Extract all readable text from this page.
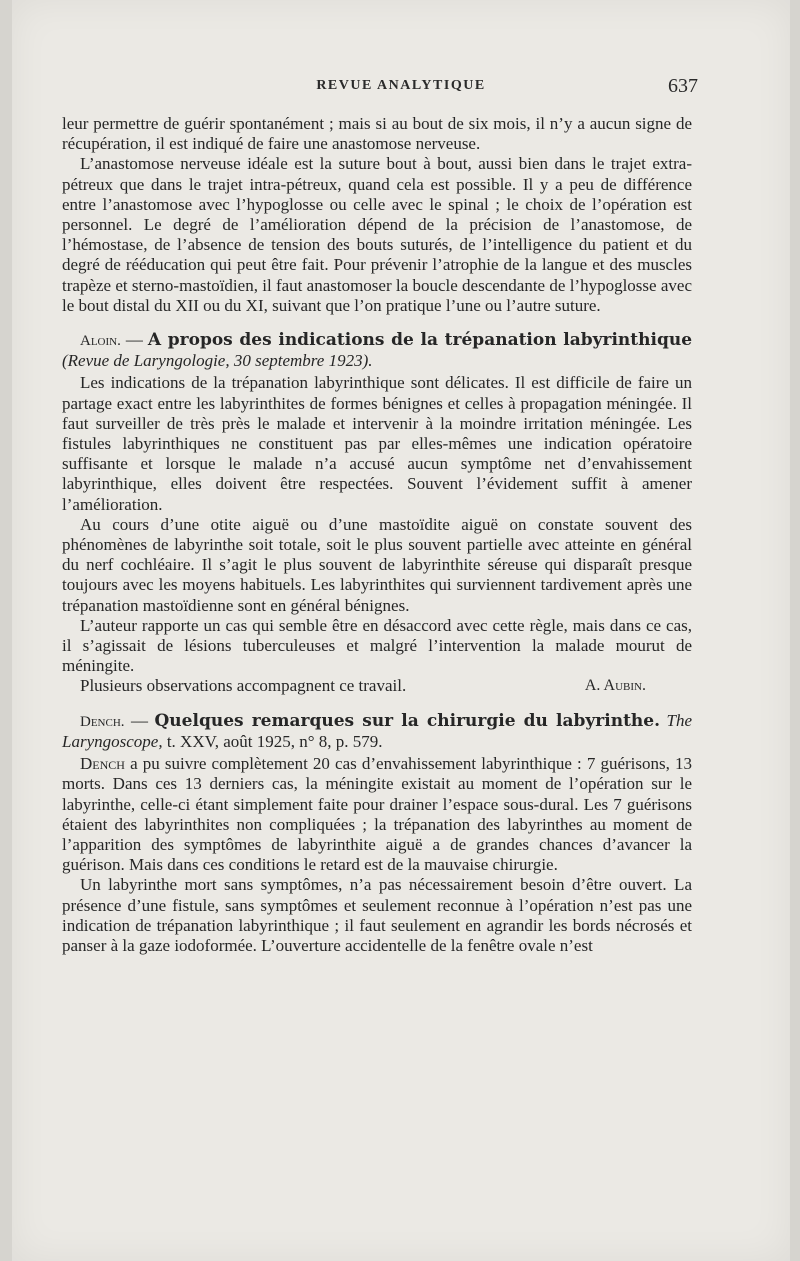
REVUE ANALYTIQUE	637

leur permettre de guérir spontanément ; mais si au bout de six mois, il n’y a aucun signe de récupération, il est indiqué de faire une anastomose nerveuse.

L’anastomose nerveuse idéale est la suture bout à bout, aussi bien dans le trajet extra-pétreux que dans le trajet intra-pétreux, quand cela est possible. Il y a peu de différence entre l’anastomose avec l’hypoglosse ou celle avec le spinal ; le choix de l’opération est personnel. Le degré de l’amélioration dépend de la précision de l’anastomose, de l’hémostase, de l’absence de tension des bouts suturés, de l’intelligence du patient et du degré de rééducation qui peut être fait. Pour prévenir l’atrophie de la langue et des muscles trapèze et sterno-mastoïdien, il faut anastomoser la boucle descendante de l’hypoglosse avec le bout distal du XII ou du XI, suivant que l’on pratique l’une ou l’autre suture.

Aloin. — A propos des indications de la trépanation labyrinthique (Revue de Laryngologie, 30 septembre 1923).

Les indications de la trépanation labyrinthique sont délicates. Il est difficile de faire un partage exact entre les labyrinthites de formes bénignes et celles à propagation méningée. Il faut surveiller de très près le malade et intervenir à la moindre irritation méningée. Les fistules labyrinthiques ne constituent pas par elles-mêmes une indication opératoire suffisante et lorsque le malade n’a accusé aucun symptôme net d’envahissement labyrinthique, elles doivent être respectées. Souvent l’évidement suffit à amener l’amélioration.

Au cours d’une otite aiguë ou d’une mastoïdite aiguë on constate souvent des phénomènes de labyrinthe soit totale, soit le plus souvent partielle avec atteinte en général du nerf cochléaire. Il s’agit le plus souvent de labyrinthite séreuse qui disparaît presque toujours avec les moyens habituels. Les labyrinthites qui surviennent tardivement après une trépanation mastoïdienne sont en général bénignes.

L’auteur rapporte un cas qui semble être en désaccord avec cette règle, mais dans ce cas, il s’agissait de lésions tuberculeuses et malgré l’intervention la malade mourut de méningite.

Plusieurs observations accompagnent ce travail.	A. Aubin.

Dench. — Quelques remarques sur la chirurgie du labyrinthe. The Laryngoscope, t. XXV, août 1925, n° 8, p. 579.

Dench a pu suivre complètement 20 cas d’envahissement labyrinthique : 7 guérisons, 13 morts. Dans ces 13 derniers cas, la méningite existait au moment de l’opération sur le labyrinthe, celle-ci étant simplement faite pour drainer l’espace sous-dural. Les 7 guérisons étaient des labyrinthites non compliquées ; la trépanation des labyrinthes au moment de l’apparition des symptômes de labyrinthite aiguë a de grandes chances d’avancer la guérison. Mais dans ces conditions le retard est de la mauvaise chirurgie.

Un labyrinthe mort sans symptômes, n’a pas nécessairement besoin d’être ouvert. La présence d’une fistule, sans symptômes et seulement reconnue à l’opération n’est pas une indication de trépanation labyrinthique ; il faut seulement en agrandir les bords nécrosés et panser à la gaze iodoformée. L’ouverture accidentelle de la fenêtre ovale n’est
